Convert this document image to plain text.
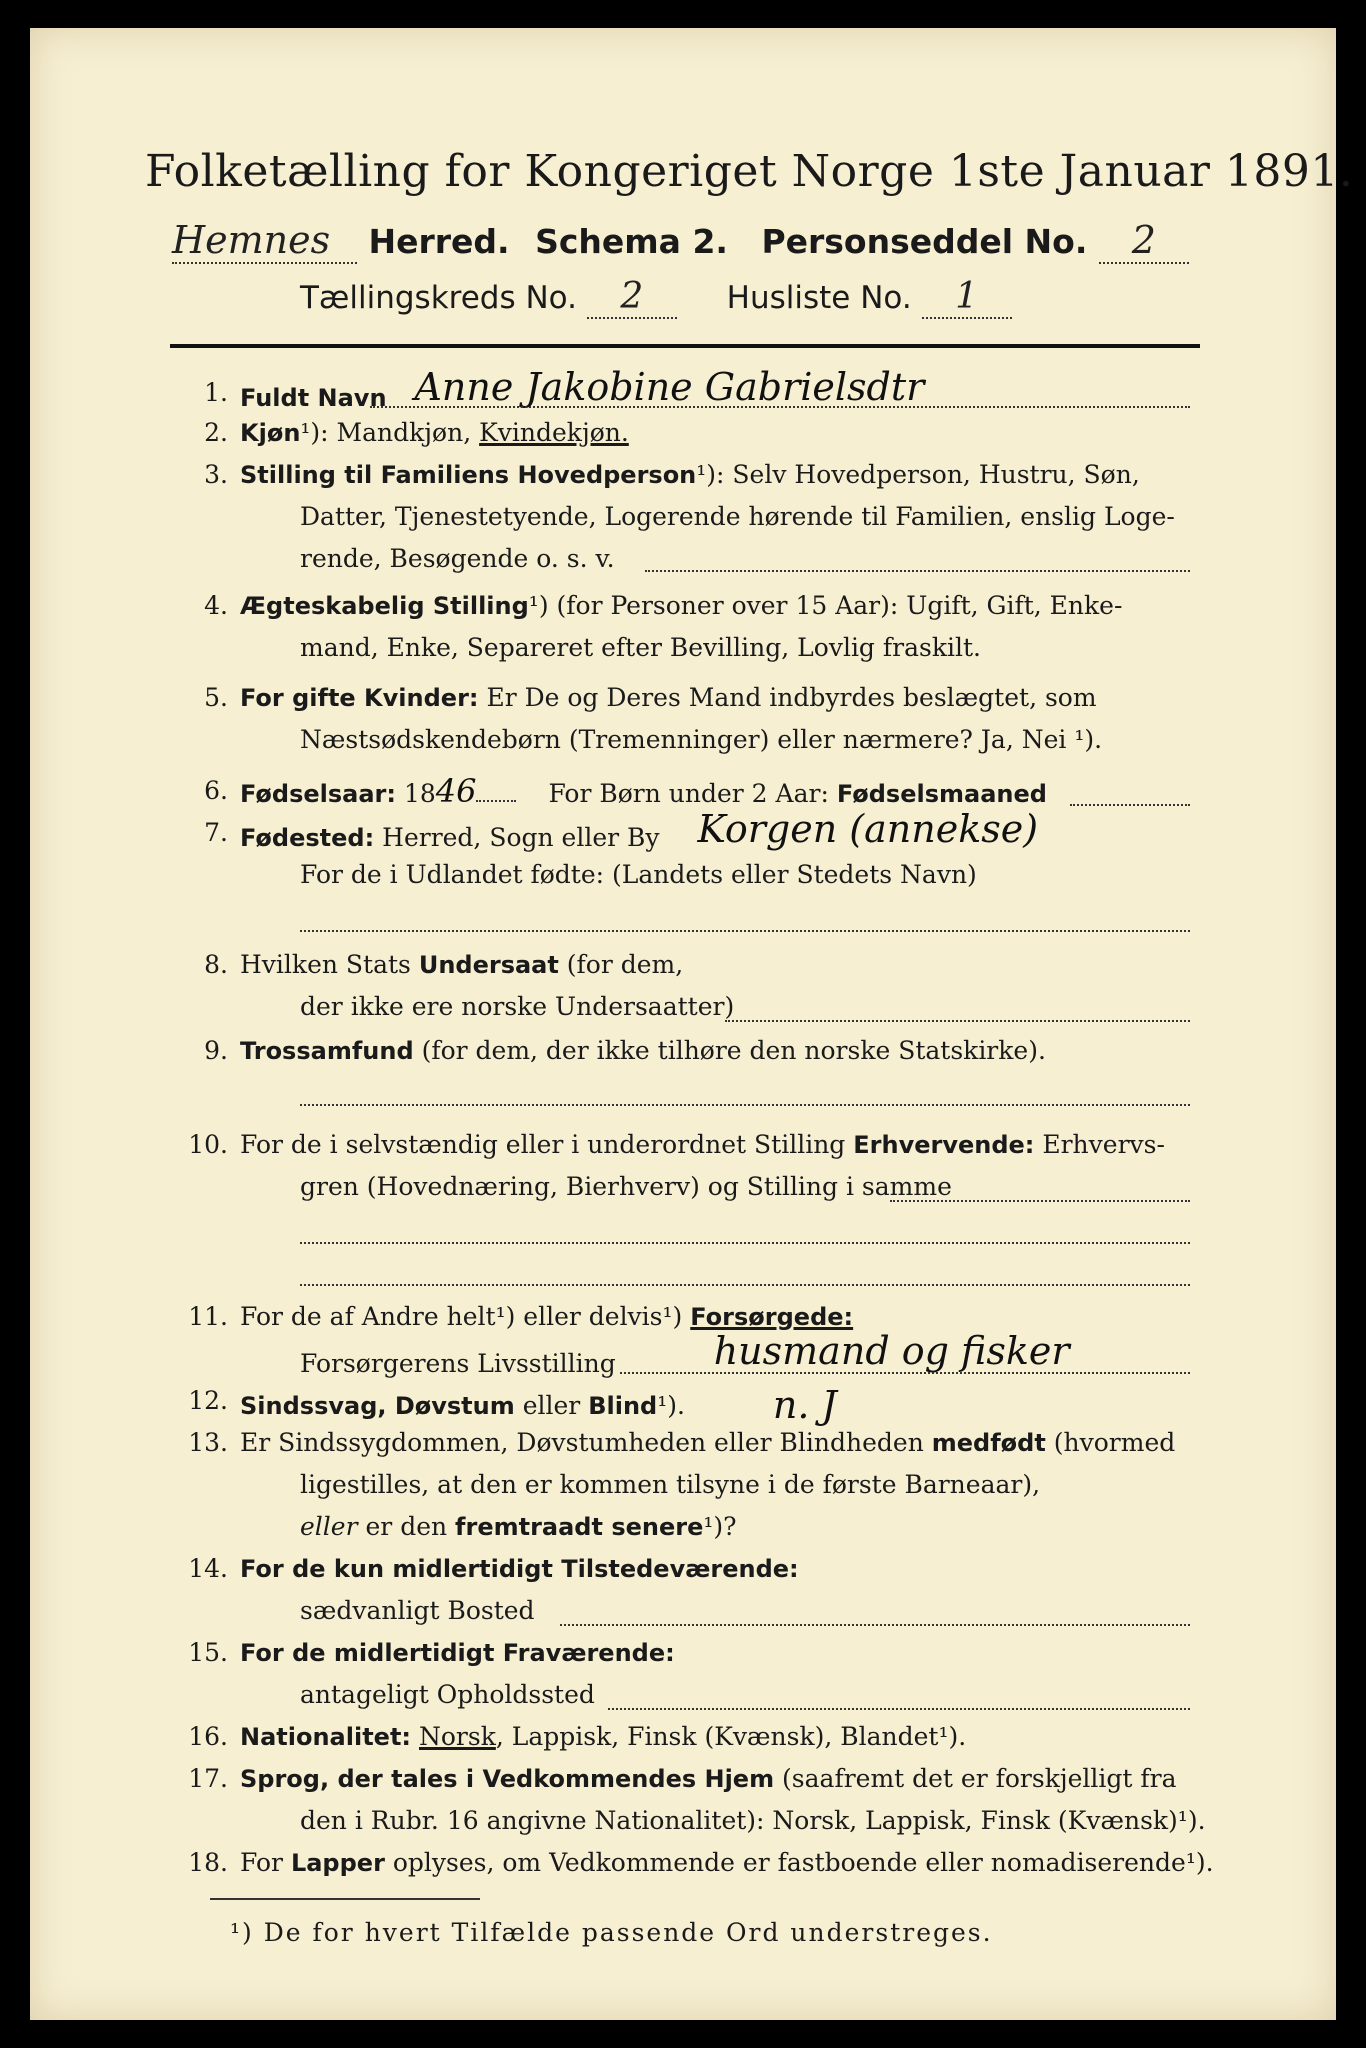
Folketælling for Kongeriget Norge 1ste Januar 1891.
Hemnes Herred. Schema 2. Personseddel No. 2
Tællingskreds No. 2	Husliste No. 1
1. Fuldt Navn Anne Jakobine Gabrielsdtr
2. Kjøn¹): Mandkjøn, Kvindekjøn.
3. Stilling til Familiens Hovedperson¹): Selv Hovedperson, Hustru, Søn,
Datter, Tjenestetyende, Logerende hørende til Familien, enslig Loge-
rende, Besøgende o. s. v.
4. Ægteskabelig Stilling¹) (for Personer over 15 Aar): Ugift, Gift, Enke-
mand, Enke, Separeret efter Bevilling, Lovlig fraskilt.
5. For gifte Kvinder: Er De og Deres Mand indbyrdes beslægtet, som
Næstsødskendebørn (Tremenninger) eller nærmere? Ja, Nei ¹).
6. Fødselsaar: 1846	For Børn under 2 Aar: Fødselsmaaned
7. Fødested: Herred, Sogn eller By Korgen (annekse)
For de i Udlandet fødte: (Landets eller Stedets Navn)
8. Hvilken Stats Undersaat (for dem,
der ikke ere norske Undersaatter)
9. Trossamfund (for dem, der ikke tilhøre den norske Statskirke).
10. For de i selvstændig eller i underordnet Stilling Erhvervende: Erhvervs-
gren (Hovednæring, Bierhverv) og Stilling i samme
11. For de af Andre helt¹) eller delvis¹) Forsørgede:
Forsørgerens Livsstilling	husmand og fisker
12. Sindssvag, Døvstum eller Blind¹). n. J
13. Er Sindssygdommen, Døvstumheden eller Blindheden medfødt (hvormed
ligestilles, at den er kommen tilsyne i de første Barneaar),
eller er den fremtraadt senere¹)?
14. For de kun midlertidigt Tilstedeværende:
sædvanligt Bosted
15. For de midlertidigt Fraværende:
antageligt Opholdssted
16. Nationalitet: Norsk, Lappisk, Finsk (Kvænsk), Blandet¹).
17. Sprog, der tales i Vedkommendes Hjem (saafremt det er forskjelligt fra
den i Rubr. 16 angivne Nationalitet): Norsk, Lappisk, Finsk (Kvænsk)¹).
18. For Lapper oplyses, om Vedkommende er fastboende eller nomadiserende¹).
¹) De for hvert Tilfælde passende Ord understreges.
